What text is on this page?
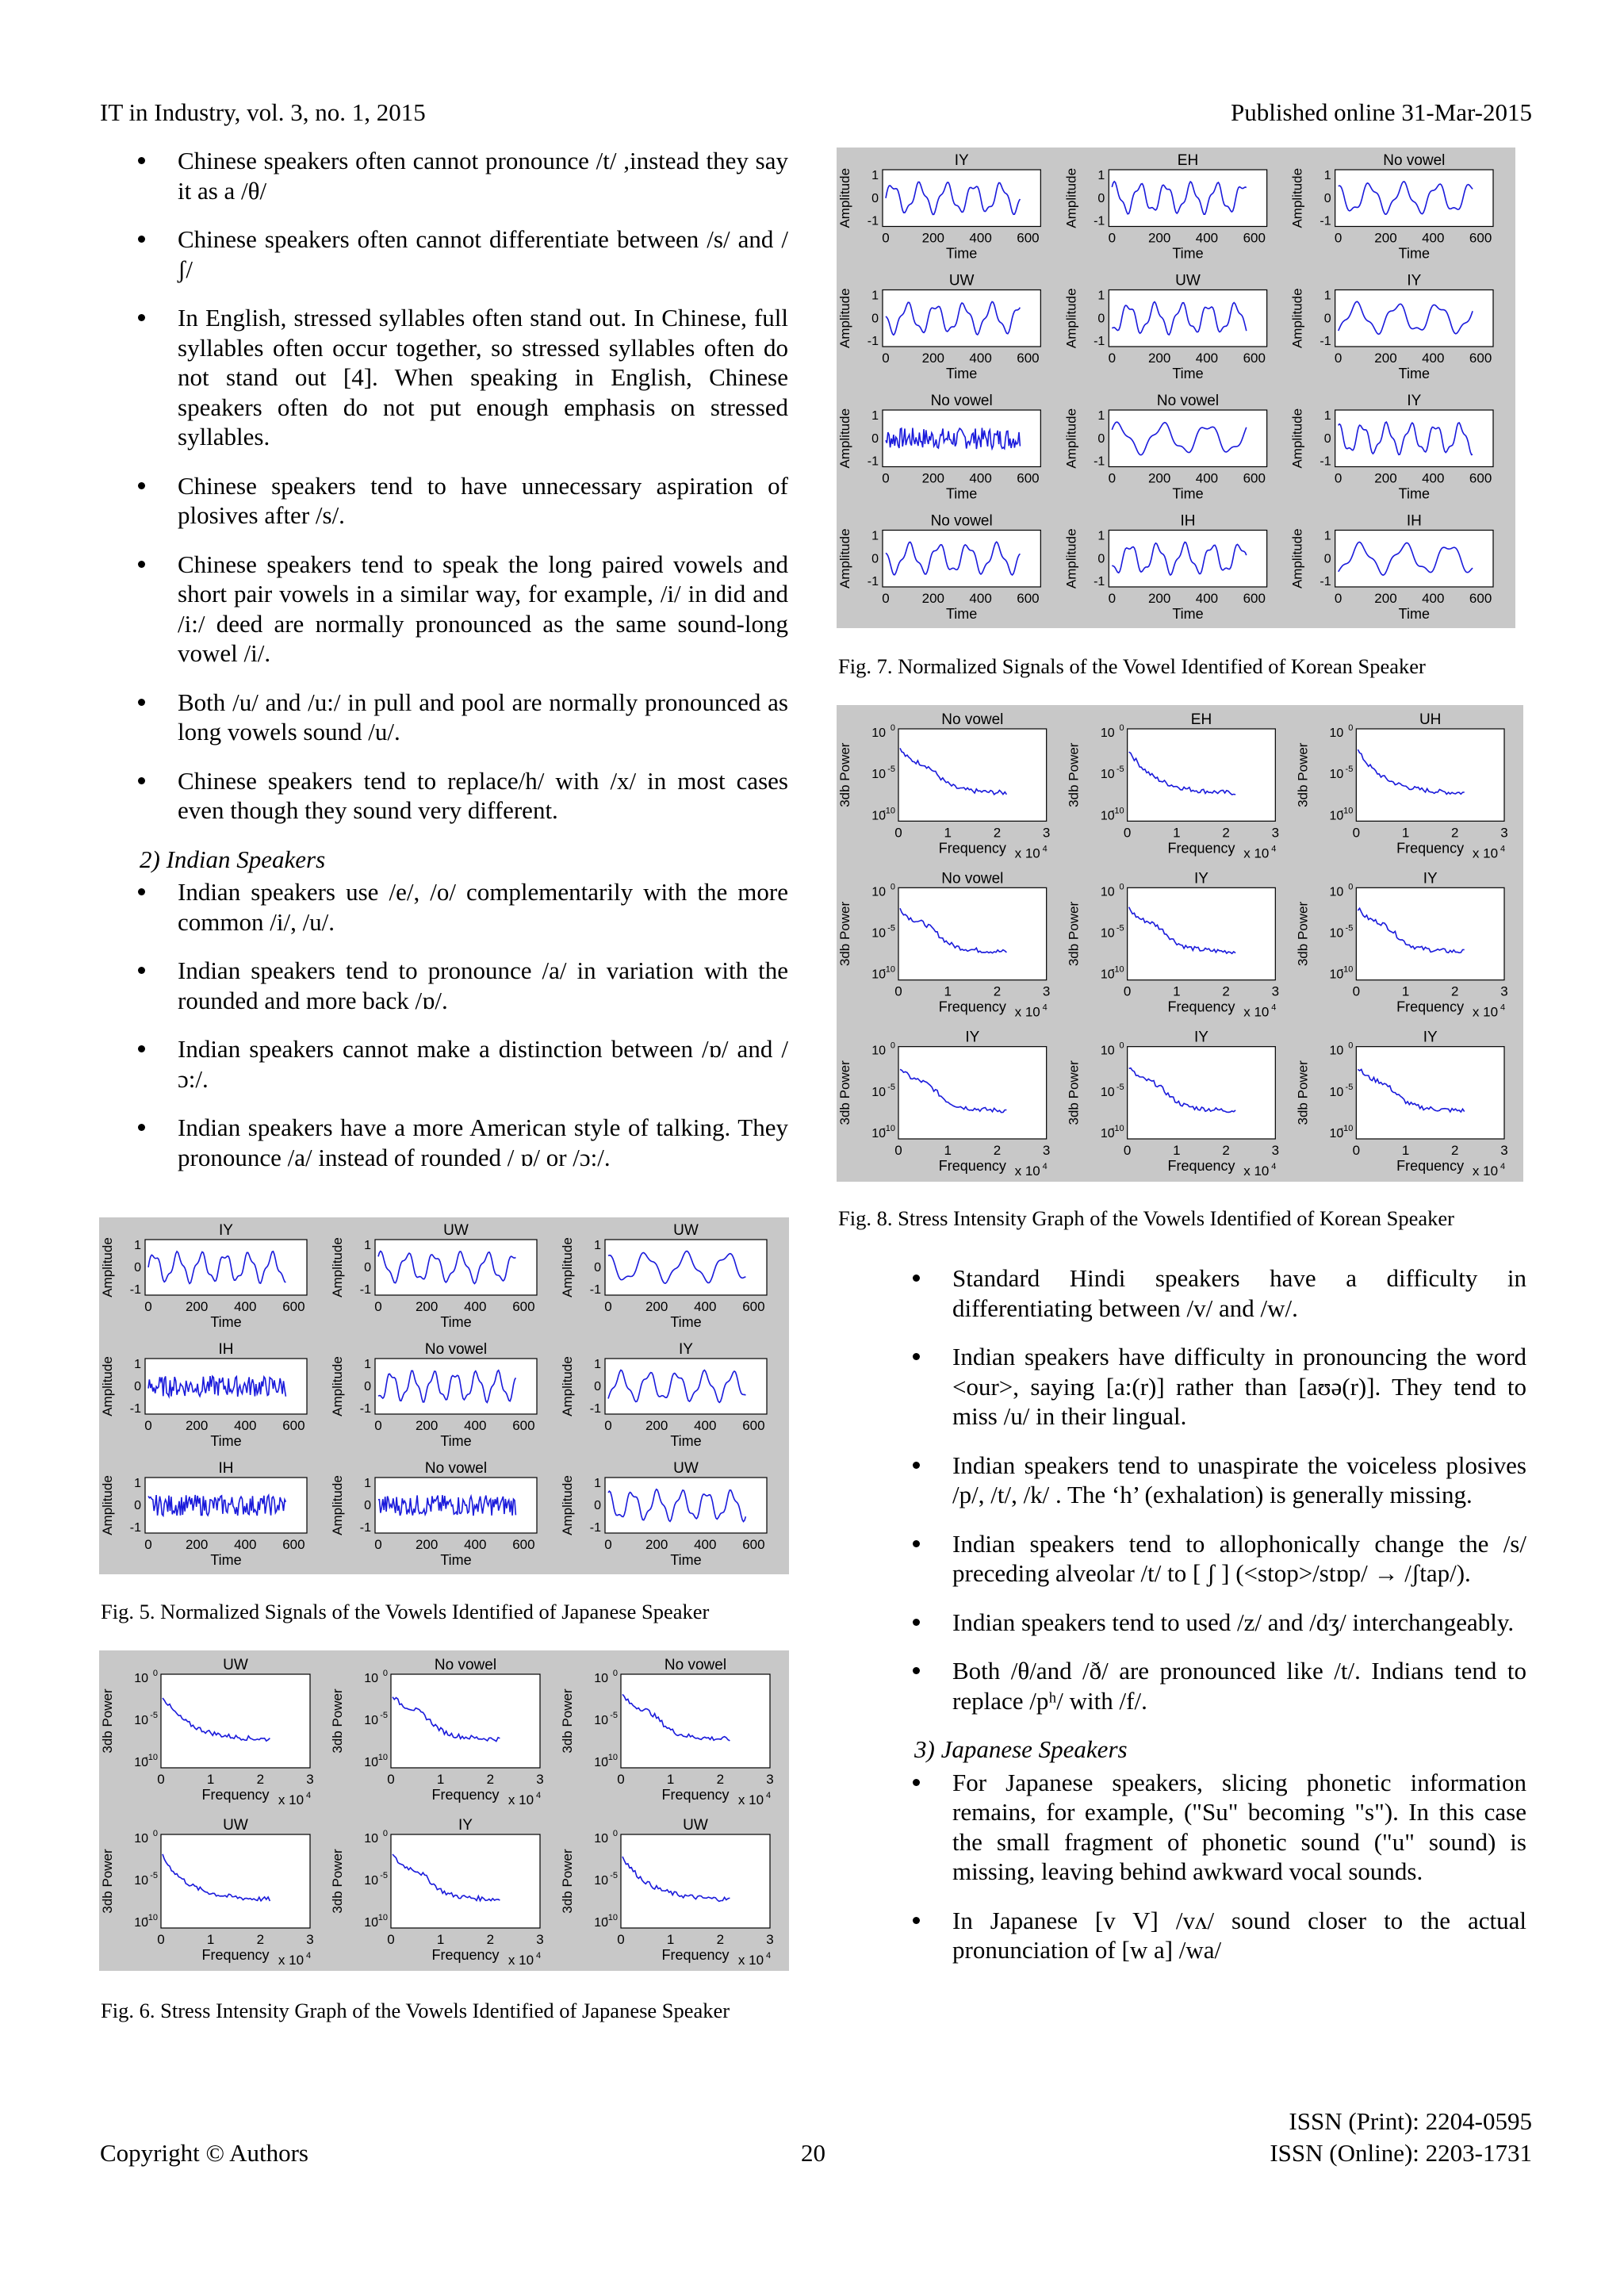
IT in Industry, vol. 3, no. 1, 2015	Published online 31-Mar-2015
Chinese speakers often cannot pronounce /t/ ,instead they say it as a /θ/
Chinese speakers often cannot differentiate between /s/ and /ʃ/
In English, stressed syllables often stand out. In Chinese, full syllables often occur together, so stressed syllables often do not stand out [4]. When speaking in English, Chinese speakers often do not put enough emphasis on stressed syllables.
Chinese speakers tend to have unnecessary aspiration of plosives after /s/.
Chinese speakers tend to speak the long paired vowels and short pair vowels in a similar way, for example, /i/ in did and /i:/ deed are normally pronounced as the same sound-long vowel /i/.
Both /u/ and /u:/ in pull and pool are normally pronounced as long vowels sound /u/.
Chinese speakers tend to replace/h/ with /x/ in most cases even though they sound very different.
2) Indian Speakers
Indian speakers use /e/, /o/ complementarily with the more common /i/, /u/.
Indian speakers tend to pronounce /a/ in variation with the rounded and more back /ɒ/.
Indian speakers cannot make a distinction between /ɒ/ and /ɔ:/.
Indian speakers have a more American style of talking. They pronounce /a/ instead of rounded / ɒ/ or /ɔ:/.
Standard Hindi speakers have a difficulty in differentiating between /v/ and /w/.
Indian speakers have difficulty in pronouncing the word <our>, saying [a:(r)] rather than [aʊə(r)]. They tend to miss /u/ in their lingual.
Indian speakers tend to unaspirate the voiceless plosives /p/, /t/, /k/ . The ‘h’ (exhalation) is generally missing.
Indian speakers tend to allophonically change the /s/ preceding alveolar /t/ to [ ʃ ] (<stop>/stɒp/ → /ʃtap/).
Indian speakers tend to used /z/ and /dʒ/ interchangeably.
Both /θ/and /ð/ are pronounced like /t/. Indians tend to replace /pʰ/ with /f/.
3) Japanese Speakers
For Japanese speakers, slicing phonetic information remains, for example, ("Su" becoming "s"). In this case the small fragment of phonetic sound ("u" sound) is missing, leaving behind awkward vocal sounds.
In Japanese [v V] /vʌ/ sound closer to the actual pronunciation of [w a] /wa/
IY
Amplitude
0 200 400 600
1
0
-1
Time
EH
Amplitude
0 200 400 600
1
0
-1
Time
No vowel
Amplitude
0 200 400 600
1
0
-1
Time
UW
Amplitude
0 200 400 600
1
0
-1
Time
UW
Amplitude
0 200 400 600
1
0
-1
Time
IY
Amplitude
0 200 400 600
1
0
-1
Time
No vowel
Amplitude
0 200 400 600
1
0
-1
Time
No vowel
Amplitude
0 200 400 600
1
0
-1
Time
IY
Amplitude
0 200 400 600
1
0
-1
Time
No vowel
Amplitude
0 200 400 600
1
0
-1
Time
IH
Amplitude
0 200 400 600
1
0
-1
Time
IH
Amplitude
0 200 400 600
1
0
-1
Time
Fig. 7. Normalized Signals of the Vowel Identified of Korean Speaker
No vowel
3db Power
0	1	2	3
10 0
10 -5
10
-10
Frequency x 10 4
EH
3db Power
0	1	2	3
10 0
10 -5
10
-10
Frequency x 10 4
UH
3db Power
0	1	2	3
10 0
10 -5
10
-10
Frequency x 10 4
No vowel
3db Power
0	1	2	3
10 0
10 -5
10
-10
Frequency x 10 4
IY
3db Power
0	1	2	3
10 0
10 -5
10
-10
Frequency x 10 4
IY
3db Power
0	1	2	3
10 0
10 -5
10
-10
Frequency x 10 4
IY
3db Power
0	1	2	3
10 0
10 -5
10
-10
Frequency x 10 4
IY
3db Power
0	1	2	3
10 0
10 -5
10
-10
Frequency x 10 4
IY
3db Power
0	1	2	3
10 0
10 -5
10
-10
Frequency x 10 4
Fig. 8. Stress Intensity Graph of the Vowels Identified of Korean Speaker
IY
Amplitude
0 200 400 600
1
0
-1
Time
UW
Amplitude
0 200 400 600
1
0
-1
Time
UW
Amplitude
0 200 400 600
1
0
-1
Time
IH
Amplitude
0 200 400 600
1
0
-1
Time
No vowel
Amplitude
0 200 400 600
1
0
-1
Time
IY
Amplitude
0 200 400 600
1
0
-1
Time
IH
Amplitude
0 200 400 600
1
0
-1
Time
No vowel
Amplitude
0 200 400 600
1
0
-1
Time
UW
Amplitude
0 200 400 600
1
0
-1
Time
Fig. 5. Normalized Signals of the Vowels Identified of Japanese Speaker
UW
3db Power
0	1	2	3
10 0
10 -5
10
-10
Frequency x 10 4
No vowel
3db Power
0	1	2	3
10 0
10 -5
10
-10
Frequency x 10 4
No vowel
3db Power
0	1	2	3
10 0
10 -5
10
-10
Frequency x 10 4
UW
3db Power
0	1	2	3
10 0
10 -5
10
-10
Frequency x 10 4
IY
3db Power
0	1	2	3
10 0
10 -5
10
-10
Frequency x 10 4
UW
3db Power
0	1	2	3
10 0
10 -5
10
-10
Frequency x 10 4
Fig. 6. Stress Intensity Graph of the Vowels Identified of Japanese Speaker
Copyright © Authors	20
ISSN (Print): 2204-0595
ISSN (Online): 2203-1731
